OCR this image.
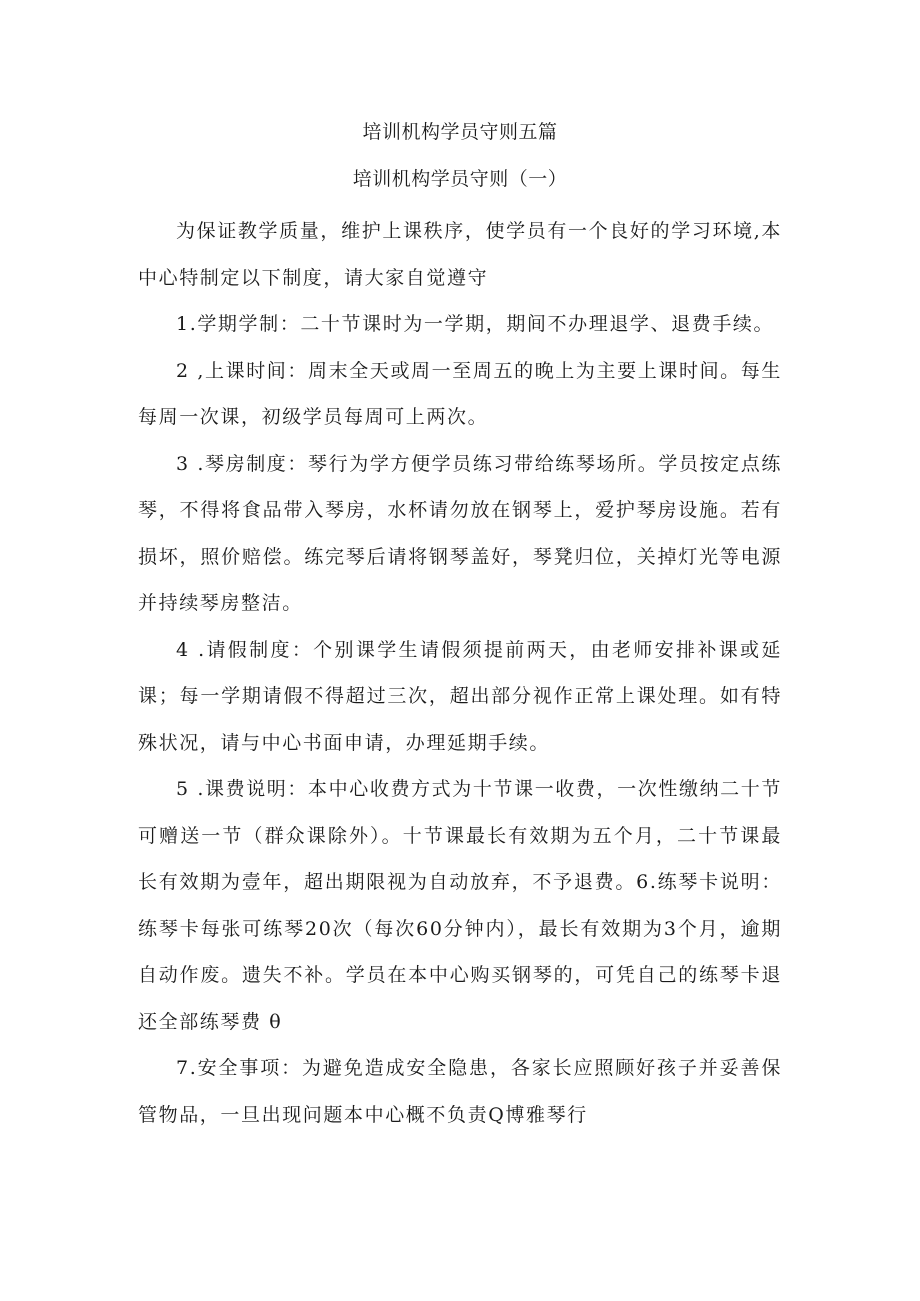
培训机构学员守则五篇
培训机构学员守则（一）

为保证教学质量，维护上课秩序，使学员有一个良好的学习环境,本中心特制定以下制度，请大家自觉遵守

1.学期学制：二十节课时为一学期，期间不办理退学、退费手续。

2 ,上课时间：周末全天或周一至周五的晚上为主要上课时间。每生每周一次课，初级学员每周可上两次。

3 .琴房制度：琴行为学方便学员练习带给练琴场所。学员按定点练琴，不得将食品带入琴房，水杯请勿放在钢琴上，爱护琴房设施。若有损坏，照价赔偿。练完琴后请将钢琴盖好，琴凳归位，关掉灯光等电源并持续琴房整洁。

4 .请假制度：个别课学生请假须提前两天，由老师安排补课或延课；每一学期请假不得超过三次，超出部分视作正常上课处理。如有特殊状况，请与中心书面申请，办理延期手续。

5 .课费说明：本中心收费方式为十节课一收费，一次性缴纳二十节可赠送一节（群众课除外）。十节课最长有效期为五个月，二十节课最长有效期为壹年，超出期限视为自动放弃，不予退费。6.练琴卡说明：练琴卡每张可练琴20次（每次60分钟内），最长有效期为3个月，逾期自动作废。遗失不补。学员在本中心购买钢琴的，可凭自己的练琴卡退还全部练琴费 θ

7.安全事项：为避免造成安全隐患，各家长应照顾好孩子并妥善保管物品，一旦出现问题本中心概不负责Q博雅琴行
